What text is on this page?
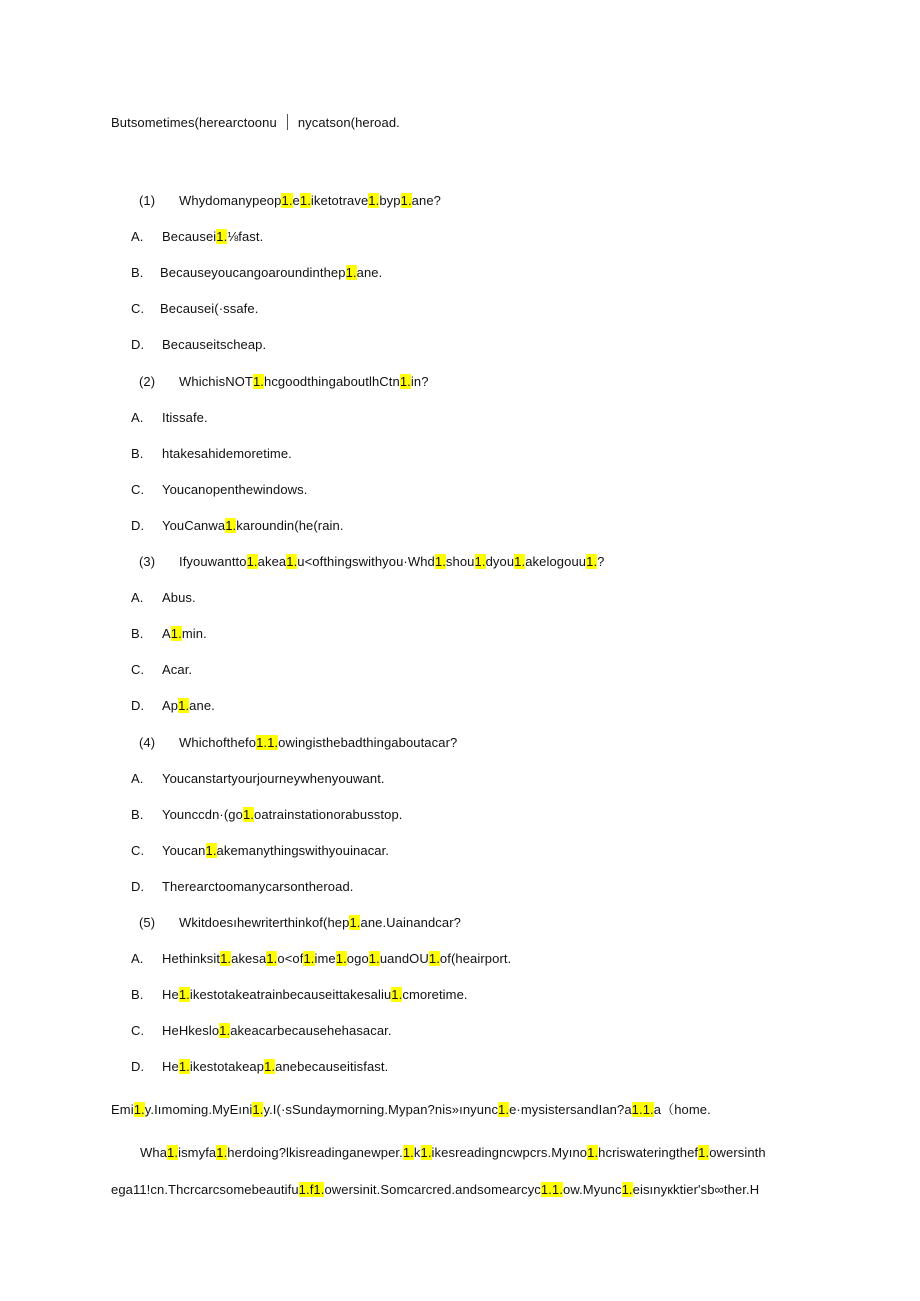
Butsometimes(herearctoonu nycatson(heroad.
(1) Whydomanypeop1.e1.iketotrave1.byp1.ane?
A. Becausei1.⅛fast.
B. Becauseyoucangoaroundinthep1.ane.
C. Becausei(·ssafe.
D. Becauseitscheap.
(2) WhichisNOT1.hcgoodthingaboutlhCtn1.in?
A. Itissafe.
B. htakesahidemoretime.
C. Youcanopenthewindows.
D. YouCanwa1.karoundin(he(rain.
(3) Ifyouwantto1.akea1.u<ofthingswithyou·Whd1.shou1.dyou1.akelogouu1.?
A. Abus.
B. A1.min.
C. Acar.
D. Ap1.ane.
(4) Whichofthefo1.1.owingisthebadthingaboutacar?
A. Youcanstartyourjourneywhenyouwant.
B. Younccdn·(go1.oatrainstationorabusstop.
C. Youcan1.akemanythingswithyouinacar.
D. Therearctoomanycarsontheroad.
(5) Wkitdoesıhewriterthinkof(hep1.ane.Uainandcar?
A. Hethinksit1.akesa1.o<of1.ime1.ogo1.uandOU1.of(heairport.
B. He1.ikestotakeatrainbecauseittakesaliu1.cmoretime.
C. HeHkeslo1.akeacarbecausehehasacar.
D. He1.ikestotakeap1.anebecauseitisfast.
Emi1.y.Iımoming.MyEıni1.y.I(·sSundaymorning.Mypan?nis»ınyunc1.e·mysistersandIan?a1.1.a（home.
Wha1.ismyfa1.herdoing?lkisreadinganewper.1.k1.ikesreadingncwpcrs.Myıno1.hcriswateringthef1.owersinth
ega11!cn.Thcrcarcsomebeautifu1.f1.owersinit.Somcarcred.andsomearcyc1.1.ow.Myunc1.eisınyкktier'sb∞ther.H
